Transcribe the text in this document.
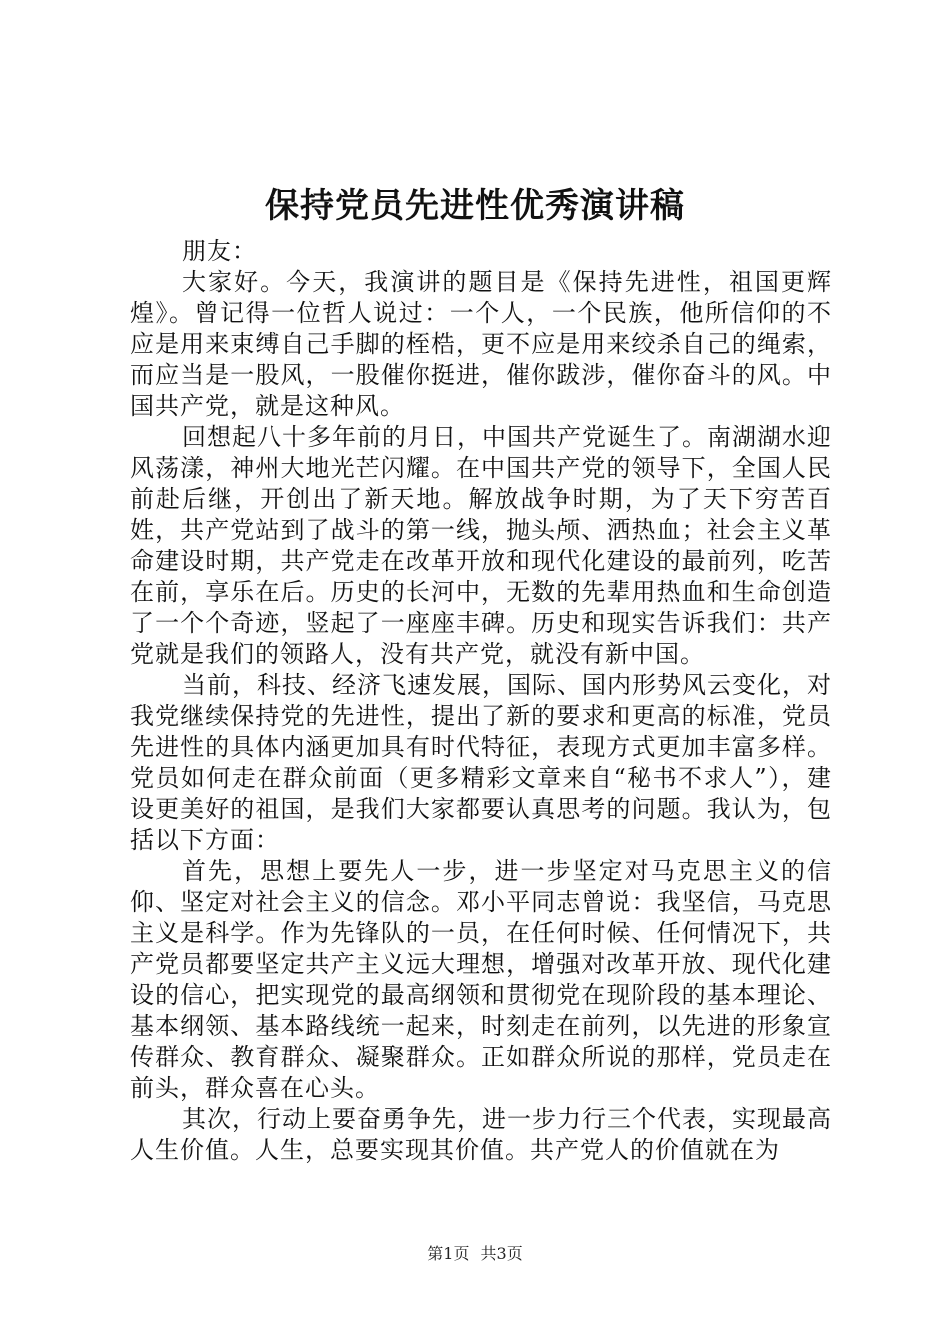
保持党员先进性优秀演讲稿

朋友：

大家好。今天，我演讲的题目是《保持先进性，祖国更辉煌》。曾记得一位哲人说过：一个人，一个民族，他所信仰的不应是用来束缚自己手脚的桎梏，更不应是用来绞杀自己的绳索，而应当是一股风，一股催你挺进，催你跋涉，催你奋斗的风。中国共产党，就是这种风。

回想起八十多年前的月日，中国共产党诞生了。南湖湖水迎风荡漾，神州大地光芒闪耀。在中国共产党的领导下，全国人民前赴后继，开创出了新天地。解放战争时期，为了天下穷苦百姓，共产党站到了战斗的第一线，抛头颅、洒热血；社会主义革命建设时期，共产党走在改革开放和现代化建设的最前列，吃苦在前，享乐在后。历史的长河中，无数的先辈用热血和生命创造了一个个奇迹，竖起了一座座丰碑。历史和现实告诉我们：共产党就是我们的领路人，没有共产党，就没有新中国。

当前，科技、经济飞速发展，国际、国内形势风云变化，对我党继续保持党的先进性，提出了新的要求和更高的标准，党员先进性的具体内涵更加具有时代特征，表现方式更加丰富多样。党员如何走在群众前面（更多精彩文章来自“秘书不求人”），建设更美好的祖国，是我们大家都要认真思考的问题。我认为，包括以下方面：

首先，思想上要先人一步，进一步坚定对马克思主义的信仰、坚定对社会主义的信念。邓小平同志曾说：我坚信，马克思主义是科学。作为先锋队的一员，在任何时候、任何情况下，共产党员都要坚定共产主义远大理想，增强对改革开放、现代化建设的信心，把实现党的最高纲领和贯彻党在现阶段的基本理论、基本纲领、基本路线统一起来，时刻走在前列，以先进的形象宣传群众、教育群众、凝聚群众。正如群众所说的那样，党员走在前头，群众喜在心头。

其次，行动上要奋勇争先，进一步力行三个代表，实现最高人生价值。人生，总要实现其价值。共产党人的价值就在为

第1页 共3页
